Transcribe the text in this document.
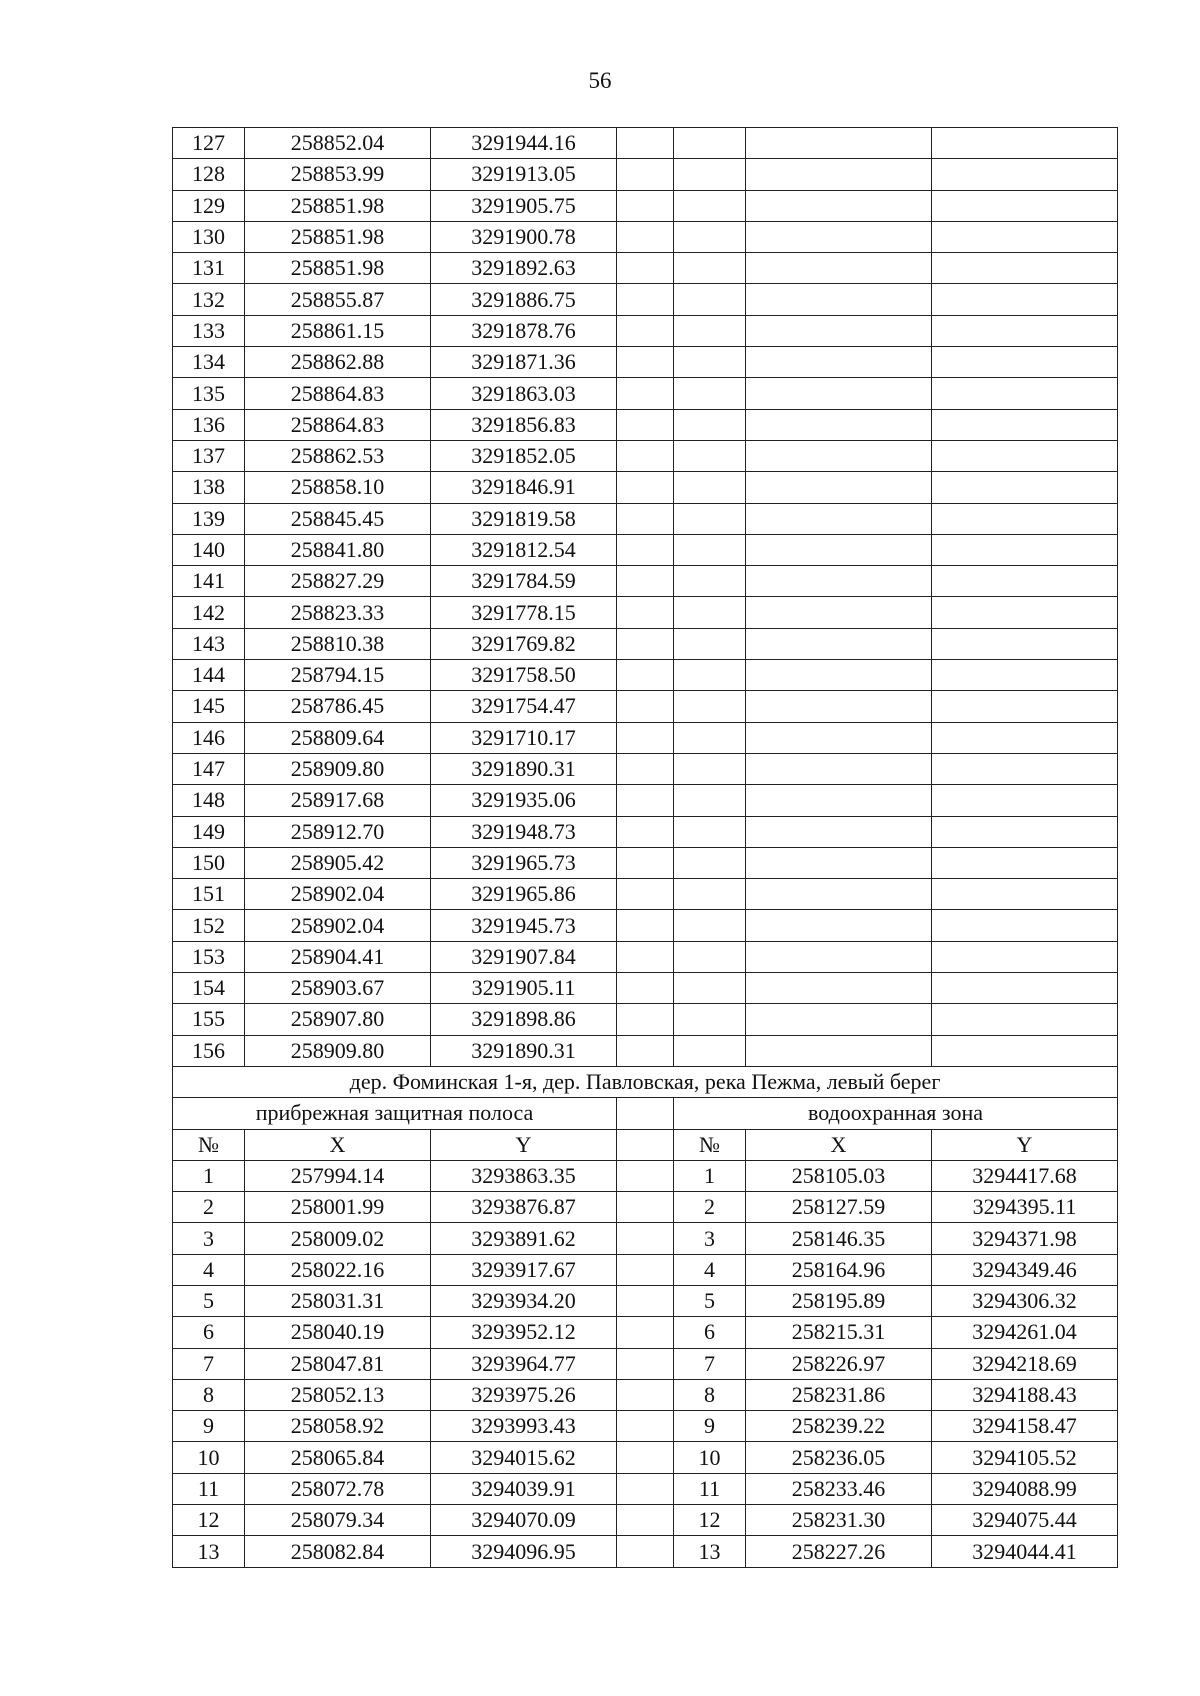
56
127	258852.04	3291944.16				
128	258853.99	3291913.05				
129	258851.98	3291905.75				
130	258851.98	3291900.78				
131	258851.98	3291892.63				
132	258855.87	3291886.75				
133	258861.15	3291878.76				
134	258862.88	3291871.36				
135	258864.83	3291863.03				
136	258864.83	3291856.83				
137	258862.53	3291852.05				
138	258858.10	3291846.91				
139	258845.45	3291819.58				
140	258841.80	3291812.54				
141	258827.29	3291784.59				
142	258823.33	3291778.15				
143	258810.38	3291769.82				
144	258794.15	3291758.50				
145	258786.45	3291754.47				
146	258809.64	3291710.17				
147	258909.80	3291890.31				
148	258917.68	3291935.06				
149	258912.70	3291948.73				
150	258905.42	3291965.73				
151	258902.04	3291965.86				
152	258902.04	3291945.73				
153	258904.41	3291907.84				
154	258903.67	3291905.11				
155	258907.80	3291898.86				
156	258909.80	3291890.31				
дер. Фоминская 1-я, дер. Павловская, река Пежма, левый берег						
прибрежная защитная полоса				водоохранная зона		
№	X	Y		№	X	Y
1	257994.14	3293863.35		1	258105.03	3294417.68
2	258001.99	3293876.87		2	258127.59	3294395.11
3	258009.02	3293891.62		3	258146.35	3294371.98
4	258022.16	3293917.67		4	258164.96	3294349.46
5	258031.31	3293934.20		5	258195.89	3294306.32
6	258040.19	3293952.12		6	258215.31	3294261.04
7	258047.81	3293964.77		7	258226.97	3294218.69
8	258052.13	3293975.26		8	258231.86	3294188.43
9	258058.92	3293993.43		9	258239.22	3294158.47
10	258065.84	3294015.62		10	258236.05	3294105.52
11	258072.78	3294039.91		11	258233.46	3294088.99
12	258079.34	3294070.09		12	258231.30	3294075.44
13	258082.84	3294096.95		13	258227.26	3294044.41
